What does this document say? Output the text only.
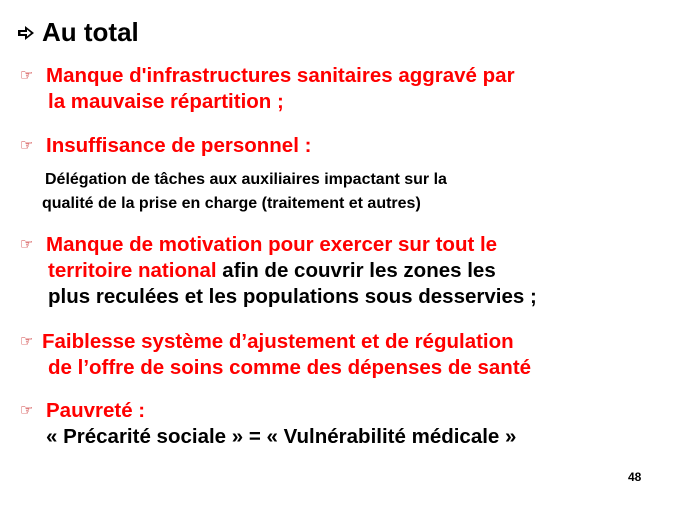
Au total
☞ Manque d'infrastructures sanitaires aggravé par
la mauvaise répartition ;
☞ Insuffisance de personnel :
Délégation de tâches aux auxiliaires impactant sur la
qualité de la prise en charge (traitement et autres)
☞ Manque de motivation pour exercer sur tout le
territoire national afin de couvrir les zones les
plus reculées et les populations sous desservies ;
☞ Faiblesse système d’ajustement et de régulation
de l’offre de soins comme des dépenses de santé
☞ Pauvreté :
« Précarité sociale » = « Vulnérabilité médicale »
48
